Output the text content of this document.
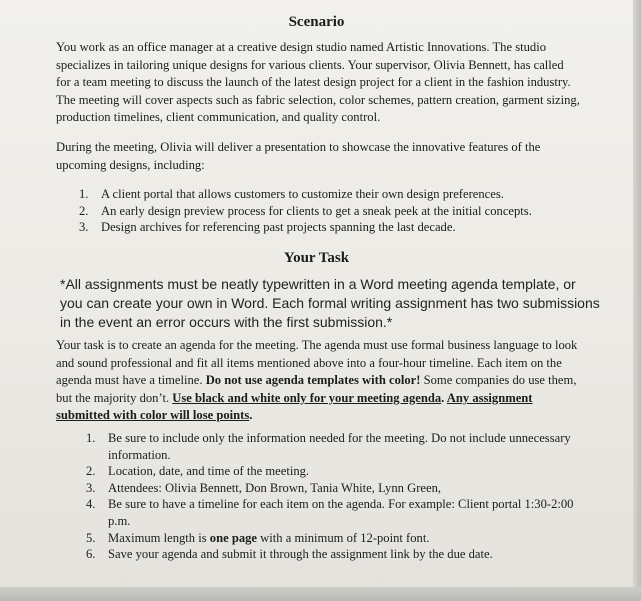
Scenario
You work as an office manager at a creative design studio named Artistic Innovations. The studio specializes in tailoring unique designs for various clients. Your supervisor, Olivia Bennett, has called for a team meeting to discuss the launch of the latest design project for a client in the fashion industry. The meeting will cover aspects such as fabric selection, color schemes, pattern creation, garment sizing, production timelines, client communication, and quality control.
During the meeting, Olivia will deliver a presentation to showcase the innovative features of the upcoming designs, including:
1. A client portal that allows customers to customize their own design preferences.
2. An early design preview process for clients to get a sneak peek at the initial concepts.
3. Design archives for referencing past projects spanning the last decade.
Your Task
*All assignments must be neatly typewritten in a Word meeting agenda template, or you can create your own in Word. Each formal writing assignment has two submissions in the event an error occurs with the first submission.*
Your task is to create an agenda for the meeting. The agenda must use formal business language to look and sound professional and fit all items mentioned above into a four-hour timeline. Each item on the agenda must have a timeline. Do not use agenda templates with color! Some companies do use them, but the majority don’t. Use black and white only for your meeting agenda. Any assignment submitted with color will lose points.
1. Be sure to include only the information needed for the meeting. Do not include unnecessary information.
2. Location, date, and time of the meeting.
3. Attendees: Olivia Bennett, Don Brown, Tania White, Lynn Green,
4. Be sure to have a timeline for each item on the agenda. For example: Client portal 1:30-2:00 p.m.
5. Maximum length is one page with a minimum of 12-point font.
6. Save your agenda and submit it through the assignment link by the due date.
